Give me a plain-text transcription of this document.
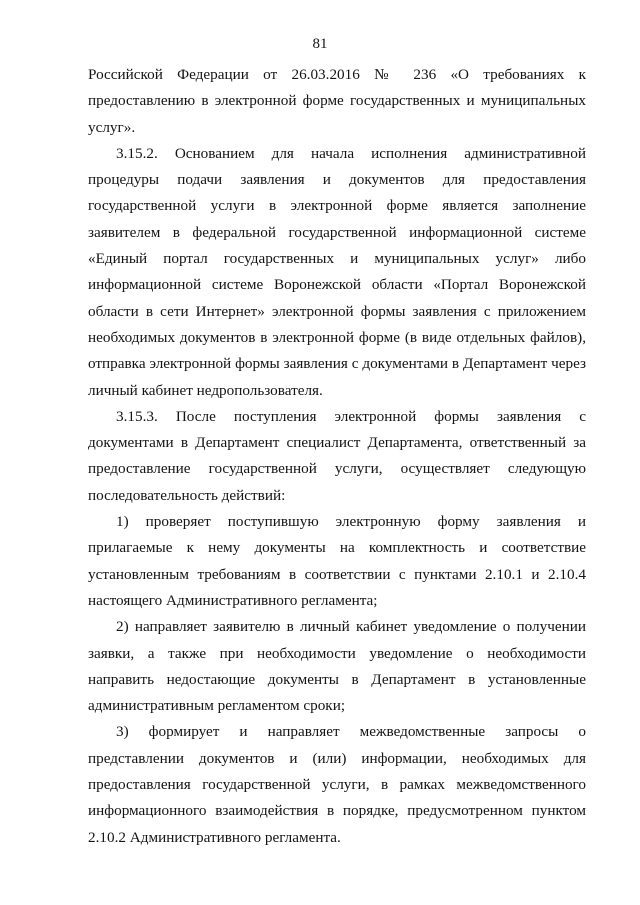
81

Российской Федерации от 26.03.2016 № 236 «О требованиях к предоставлению в электронной форме государственных и муниципальных услуг».

3.15.2. Основанием для начала исполнения административной процедуры подачи заявления и документов для предоставления государственной услуги в электронной форме является заполнение заявителем в федеральной государственной информационной системе «Единый портал государственных и муниципальных услуг» либо информационной системе Воронежской области «Портал Воронежской области в сети Интернет» электронной формы заявления с приложением необходимых документов в электронной форме (в виде отдельных файлов), отправка электронной формы заявления с документами в Департамент через личный кабинет недропользователя.

3.15.3. После поступления электронной формы заявления с документами в Департамент специалист Департамента, ответственный за предоставление государственной услуги, осуществляет следующую последовательность действий:

1) проверяет поступившую электронную форму заявления и прилагаемые к нему документы на комплектность и соответствие установленным требованиям в соответствии с пунктами 2.10.1 и 2.10.4 настоящего Административного регламента;

2) направляет заявителю в личный кабинет уведомление о получении заявки, а также при необходимости уведомление о необходимости направить недостающие документы в Департамент в установленные административным регламентом сроки;

3) формирует и направляет межведомственные запросы о представлении документов и (или) информации, необходимых для предоставления государственной услуги, в рамках межведомственного информационного взаимодействия в порядке, предусмотренном пунктом 2.10.2 Административного регламента.
